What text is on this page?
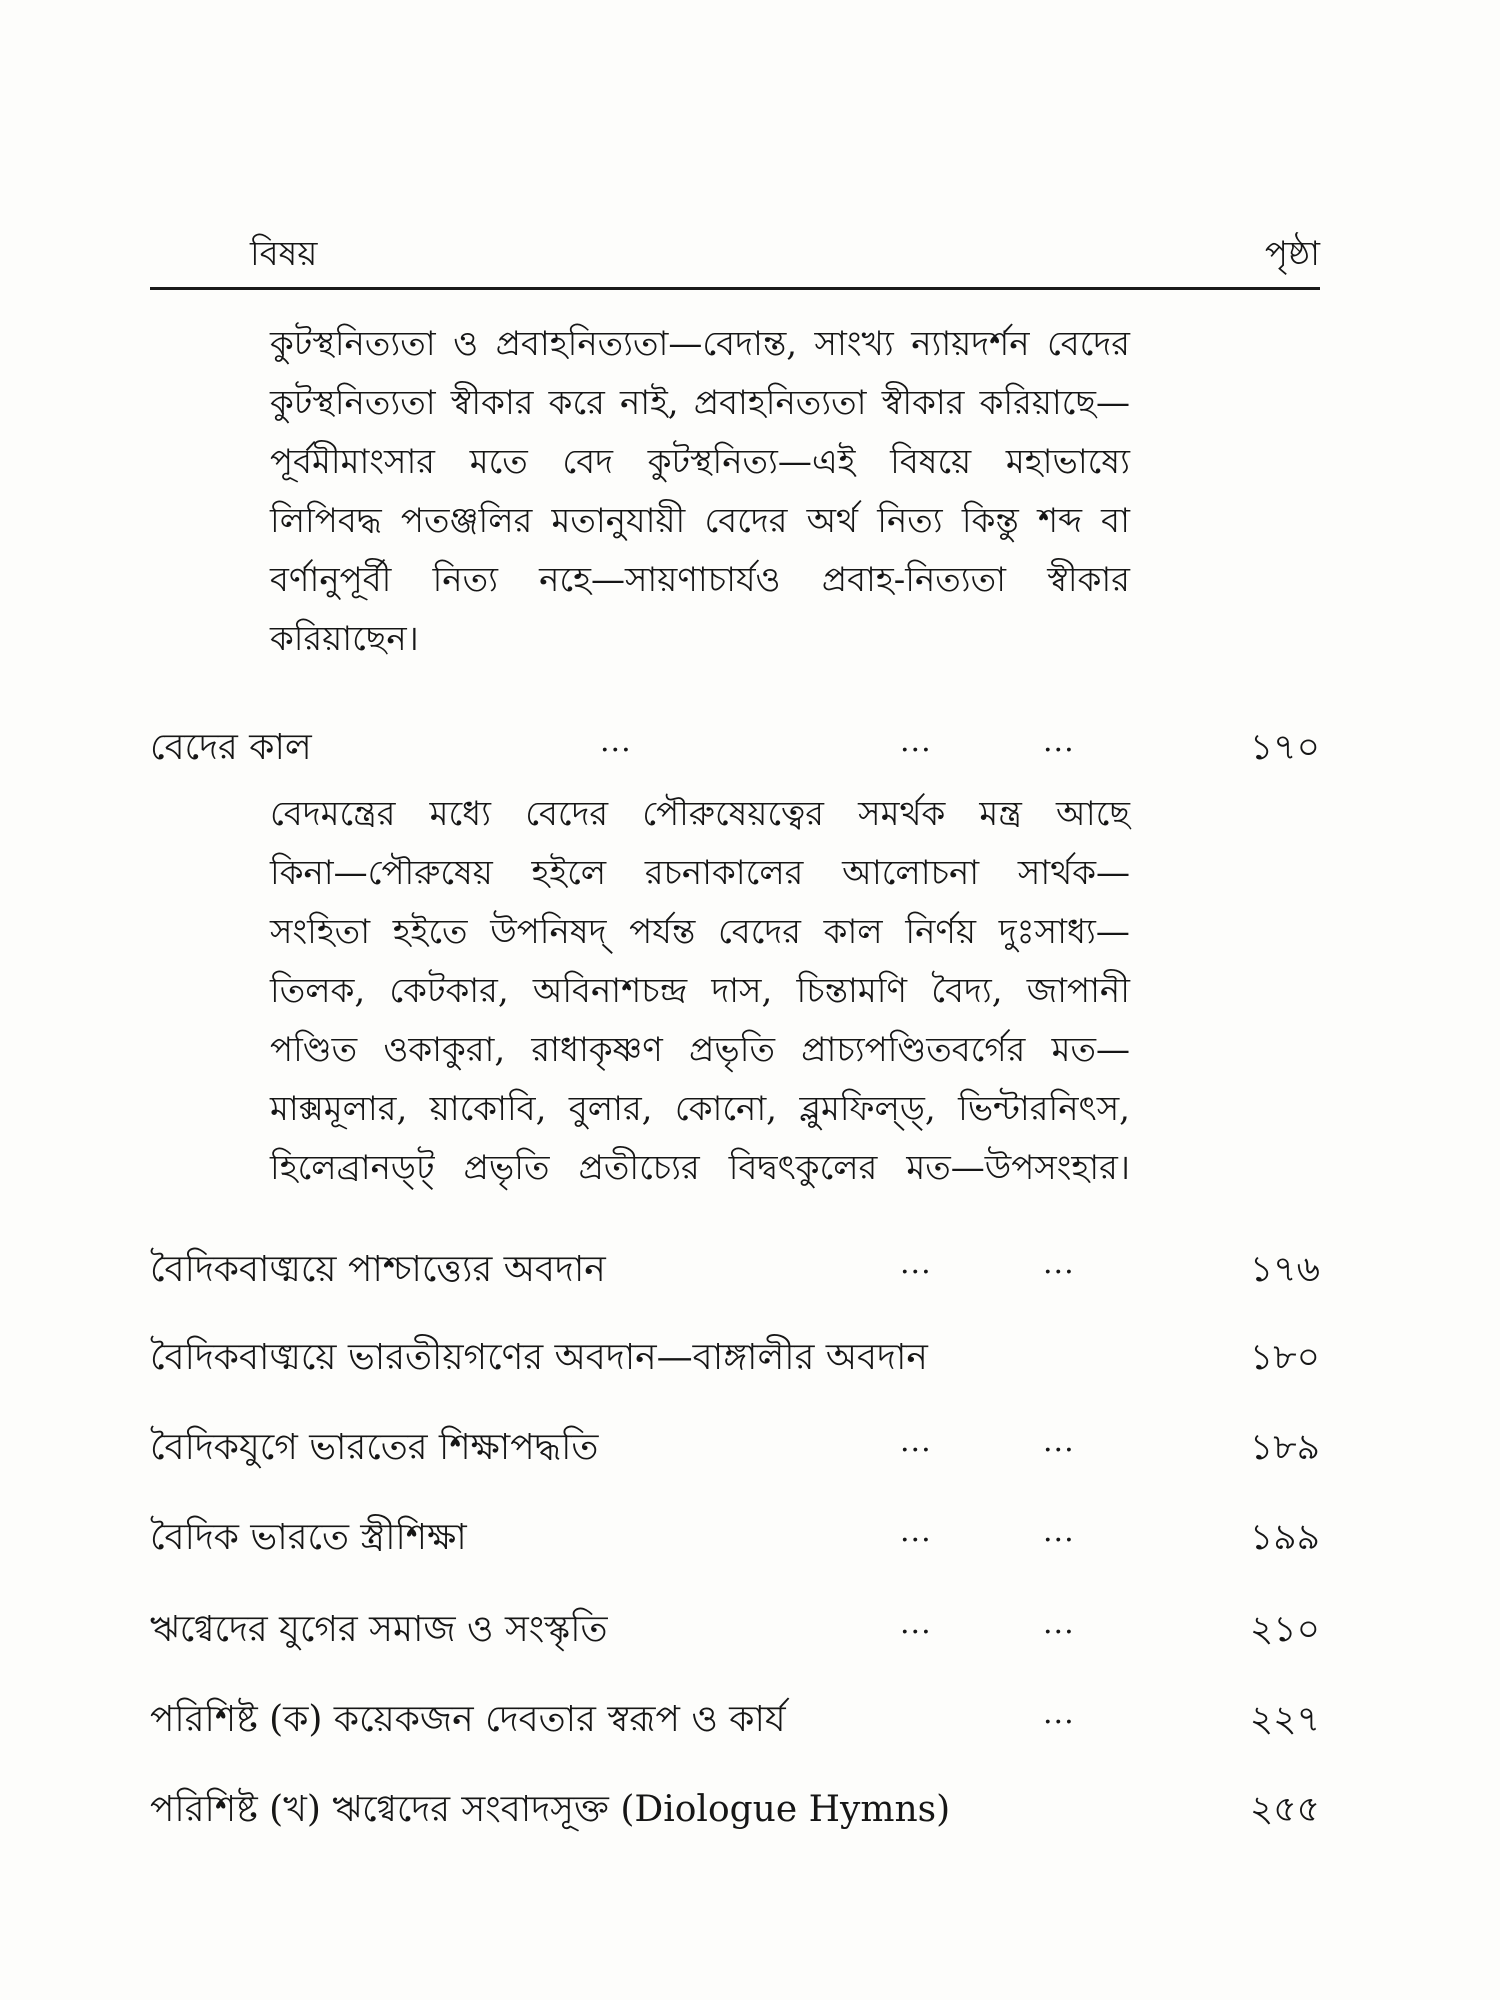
বিষয়	পৃষ্ঠা
কুটস্থনিত্যতা ও প্রবাহনিত্যতা—বেদান্ত, সাংখ্য ন্যায়দর্শন বেদের
কুটস্থনিত্যতা স্বীকার করে নাই, প্রবাহনিত্যতা স্বীকার করিয়াছে—
পূর্বমীমাংসার মতে বেদ কুটস্থনিত্য—এই বিষয়ে মহাভাষ্যে
লিপিবদ্ধ পতঞ্জলির মতানুযায়ী বেদের অর্থ নিত্য কিন্তু শব্দ বা
বর্ণানুপূর্বী নিত্য নহে—সায়ণাচার্যও প্রবাহ-নিত্যতা স্বীকার
করিয়াছেন।
বেদের কাল	...	...	...	১৭০
বেদমন্ত্রের মধ্যে বেদের পৌরুষেয়ত্বের সমর্থক মন্ত্র আছে
কিনা—পৌরুষেয় হইলে রচনাকালের আলোচনা সার্থক—
সংহিতা হইতে উপনিষদ্ পর্যন্ত বেদের কাল নির্ণয় দুঃসাধ্য—
তিলক, কেটকার, অবিনাশচন্দ্র দাস, চিন্তামণি বৈদ্য, জাপানী
পণ্ডিত ওকাকুরা, রাধাকৃষ্ণণ প্রভৃতি প্রাচ্যপণ্ডিতবর্গের মত—
মাক্সমূলার, য়াকোবি, বুলার, কোনো, ব্লুমফিল্ড্, ভিন্টারনিৎস,
হিলেব্রানড্ট্ প্রভৃতি প্রতীচ্যের বিদ্বৎকুলের মত—উপসংহার।
বৈদিকবাঙ্ময়ে পাশ্চাত্ত্যের অবদান	...	...	১৭৬
বৈদিকবাঙ্ময়ে ভারতীয়গণের অবদান—বাঙ্গালীর অবদান	১৮০
বৈদিকযুগে ভারতের শিক্ষাপদ্ধতি	...	...	১৮৯
বৈদিক ভারতে স্ত্রীশিক্ষা	...	...	১৯৯
ঋগ্বেদের যুগের সমাজ ও সংস্কৃতি	...	...	২১০
পরিশিষ্ট (ক) কয়েকজন দেবতার স্বরূপ ও কার্য	...	২২৭
পরিশিষ্ট (খ) ঋগ্বেদের সংবাদসূক্ত (Diologue Hymns)	২৫৫
